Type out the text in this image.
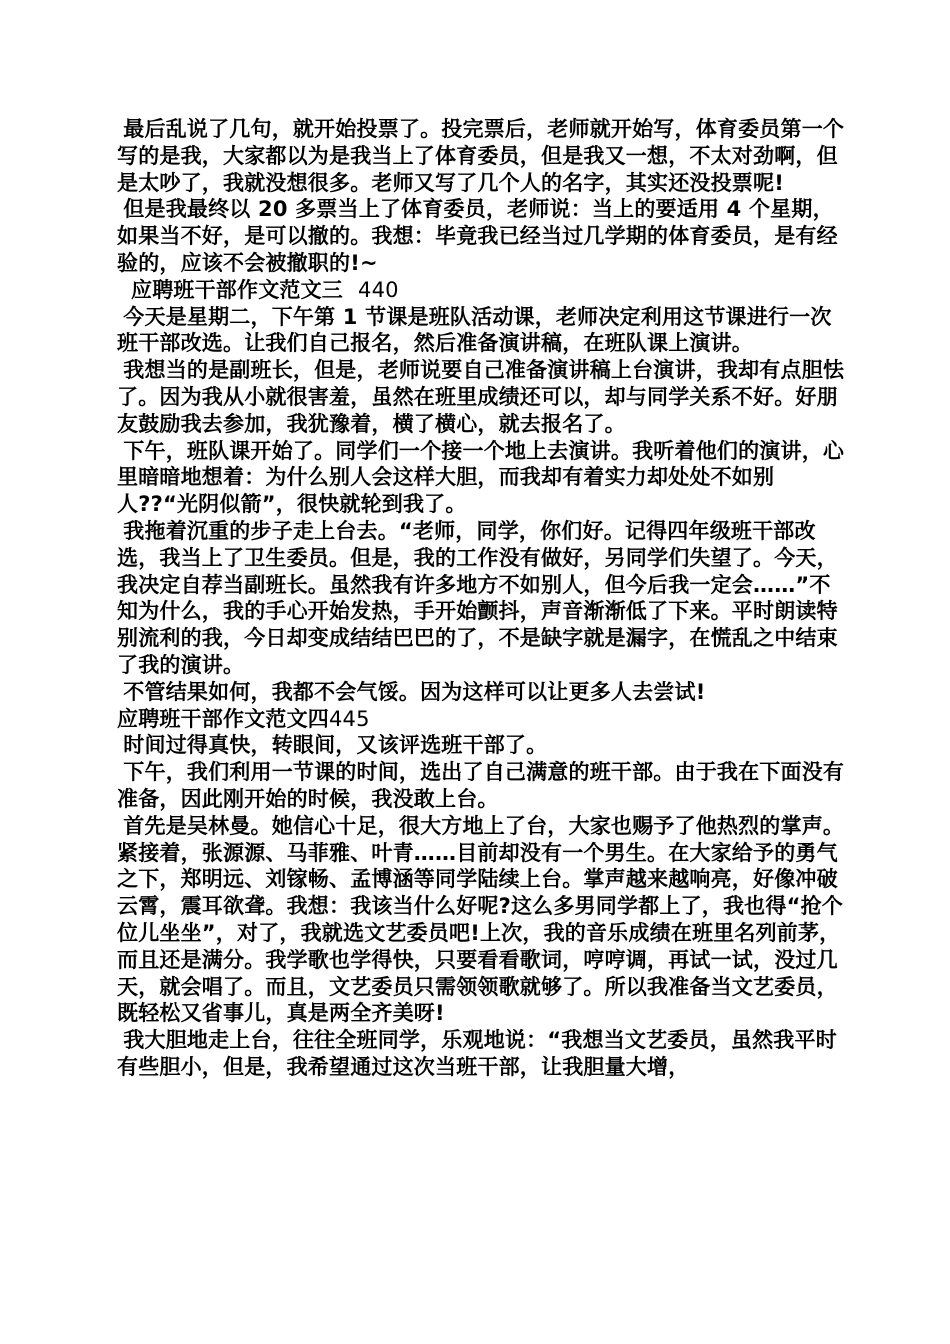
最后乱说了几句，就开始投票了。投完票后，老师就开始写，体育委员第一个写的是我，大家都以为是我当上了体育委员，但是我又一想，不太对劲啊，但是太吵了，我就没想很多。老师又写了几个人的名字，其实还没投票呢!

但是我最终以 20 多票当上了体育委员，老师说：当上的要适用 4 个星期，如果当不好，是可以撤的。我想：毕竟我已经当过几学期的体育委员，是有经验的，应该不会被撤职的!~

应聘班干部作文范文三 440

今天是星期二，下午第 1 节课是班队活动课，老师决定利用这节课进行一次班干部改选。让我们自己报名，然后准备演讲稿，在班队课上演讲。

我想当的是副班长，但是，老师说要自己准备演讲稿上台演讲，我却有点胆怯了。因为我从小就很害羞，虽然在班里成绩还可以，却与同学关系不好。好朋友鼓励我去参加，我犹豫着，横了横心，就去报名了。

下午，班队课开始了。同学们一个接一个地上去演讲。我听着他们的演讲，心里暗暗地想着：为什么别人会这样大胆，而我却有着实力却处处不如别人??“光阴似箭”，很快就轮到我了。

我拖着沉重的步子走上台去。“老师，同学，你们好。记得四年级班干部改选，我当上了卫生委员。但是，我的工作没有做好，另同学们失望了。今天，我决定自荐当副班长。虽然我有许多地方不如别人，但今后我一定会……”不知为什么，我的手心开始发热，手开始颤抖，声音渐渐低了下来。平时朗读特别流利的我，今日却变成结结巴巴的了，不是缺字就是漏字，在慌乱之中结束了我的演讲。

不管结果如何，我都不会气馁。因为这样可以让更多人去尝试!

应聘班干部作文范文四445

时间过得真快，转眼间，又该评选班干部了。

下午，我们利用一节课的时间，选出了自己满意的班干部。由于我在下面没有准备，因此刚开始的时候，我没敢上台。

首先是吴林曼。她信心十足，很大方地上了台，大家也赐予了他热烈的掌声。紧接着，张源源、马菲雅、叶青……目前却没有一个男生。在大家给予的勇气之下，郑明远、刘镓畅、孟博涵等同学陆续上台。掌声越来越响亮，好像冲破云霄，震耳欲聋。我想：我该当什么好呢?这么多男同学都上了，我也得“抢个位儿坐坐”，对了，我就选文艺委员吧!上次，我的音乐成绩在班里名列前茅，而且还是满分。我学歌也学得快，只要看看歌词，哼哼调，再试一试，没过几天，就会唱了。而且，文艺委员只需领领歌就够了。所以我准备当文艺委员，既轻松又省事儿，真是两全齐美呀!

我大胆地走上台，往往全班同学，乐观地说：“我想当文艺委员，虽然我平时有些胆小，但是，我希望通过这次当班干部，让我胆量大增，
